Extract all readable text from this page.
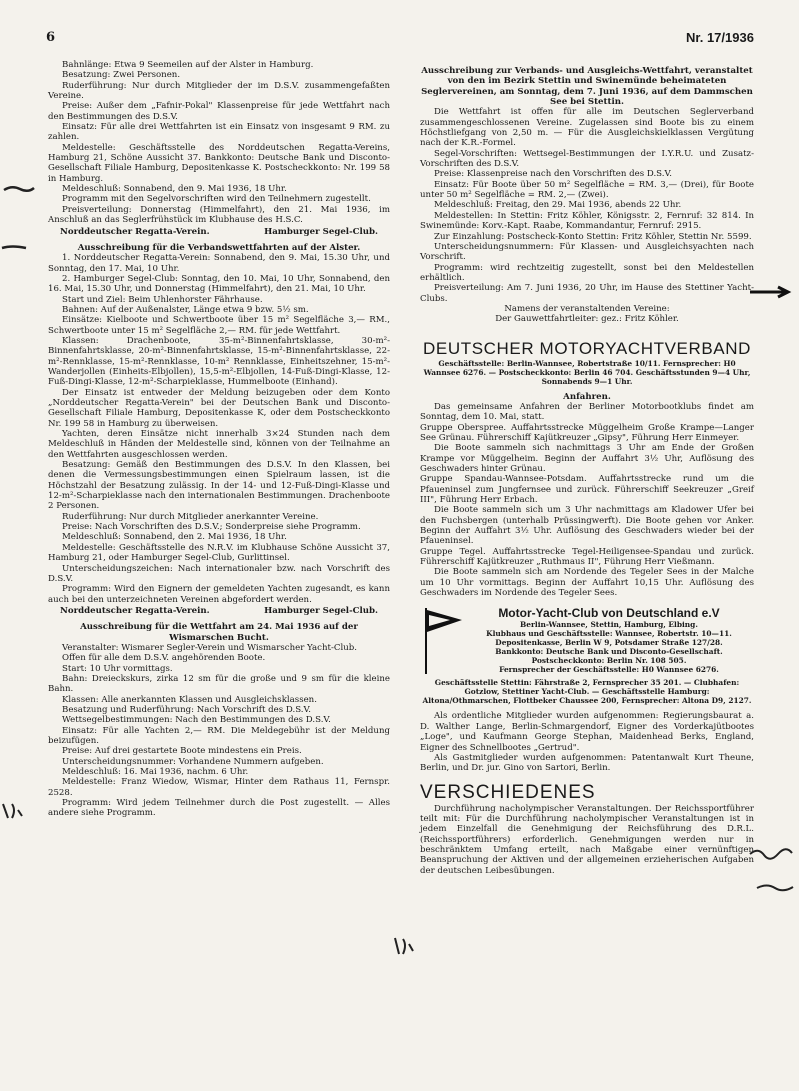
6	Nr. 17/1936

Bahnlänge: Etwa 9 Seemeilen auf der Alster in Hamburg.

Besatzung: Zwei Personen.

Ruderführung: Nur durch Mitglieder der im D.S.V. zusammengefaßten Vereine.

Preise: Außer dem „Fafnir-Pokal" Klassenpreise für jede Wettfahrt nach den Bestimmungen des D.S.V.

Einsatz: Für alle drei Wettfahrten ist ein Einsatz von insgesamt 9 RM. zu zahlen.

Meldestelle: Geschäftsstelle des Norddeutschen Regatta-Vereins, Hamburg 21, Schöne Aussicht 37. Bankkonto: Deutsche Bank und Disconto-Gesellschaft Filiale Hamburg, Depositenkasse K. Postscheckkonto: Nr. 199 58 in Hamburg.

Meldeschluß: Sonnabend, den 9. Mai 1936, 18 Uhr.

Programm mit den Segelvorschriften wird den Teilnehmern zugestellt.

Preisverteilung: Donnerstag (Himmelfahrt), den 21. Mai 1936, im Anschluß an das Seglerfrühstück im Klubhause des H.S.C.

Norddeutscher Regatta-Verein.	Hamburger Segel-Club.

Ausschreibung für die Verbandswettfahrten auf der Alster.

1. Norddeutscher Regatta-Verein: Sonnabend, den 9. Mai, 15.30 Uhr, und Sonntag, den 17. Mai, 10 Uhr.

2. Hamburger Segel-Club: Sonntag, den 10. Mai, 10 Uhr, Sonnabend, den 16. Mai, 15.30 Uhr, und Donnerstag (Himmelfahrt), den 21. Mai, 10 Uhr.

Start und Ziel: Beim Uhlenhorster Fährhause.

Bahnen: Auf der Außenalster, Länge etwa 9 bzw. 5½ sm.

Einsätze: Kielboote und Schwertboote über 15 m² Segelfläche 3,— RM., Schwertboote unter 15 m² Segelfläche 2,— RM. für jede Wettfahrt.

Klassen: Drachenboote, 35-m²-Binnenfahrtsklasse, 30-m²-Binnenfahrtsklasse, 20-m²-Binnenfahrtsklasse, 15-m²-Binnenfahrtsklasse, 22-m²-Rennklasse, 15-m²-Rennklasse, 10-m² Rennklasse, Einheitszehner, 15-m²-Wanderjollen (Einheits-Elbjollen), 15,5-m²-Elbjollen, 14-Fuß-Dingi-Klasse, 12-Fuß-Dingi-Klasse, 12-m²-Scharpieklasse, Hummelboote (Einhand).

Der Einsatz ist entweder der Meldung beizugeben oder dem Konto „Norddeutscher Regatta-Verein" bei der Deutschen Bank und Disconto-Gesellschaft Filiale Hamburg, Depositenkasse K, oder dem Postscheckkonto Nr. 199 58 in Hamburg zu überweisen.

Yachten, deren Einsätze nicht innerhalb 3×24 Stunden nach dem Meldeschluß in Händen der Meldestelle sind, können von der Teilnahme an den Wettfahrten ausgeschlossen werden.

Besatzung: Gemäß den Bestimmungen des D.S.V. In den Klassen, bei denen die Vermessungsbestimmungen einen Spielraum lassen, ist die Höchstzahl der Besatzung zulässig. In der 14- und 12-Fuß-Dingi-Klasse und 12-m²-Scharpieklasse nach den internationalen Bestimmungen. Drachenboote 2 Personen.

Ruderführung: Nur durch Mitglieder anerkannter Vereine.

Preise: Nach Vorschriften des D.S.V.; Sonderpreise siehe Programm.

Meldeschluß: Sonnabend, den 2. Mai 1936, 18 Uhr.

Meldestelle: Geschäftsstelle des N.R.V. im Klubhause Schöne Aussicht 37, Hamburg 21, oder Hamburger Segel-Club, Gurlittinsel.

Unterscheidungszeichen: Nach internationaler bzw. nach Vorschrift des D.S.V.

Programm: Wird den Eignern der gemeldeten Yachten zugesandt, es kann auch bei den unterzeichneten Vereinen abgefordert werden.

Norddeutscher Regatta-Verein.	Hamburger Segel-Club.

Ausschreibung für die Wettfahrt am 24. Mai 1936 auf der Wismarschen Bucht.

Veranstalter: Wismarer Segler-Verein und Wismarscher Yacht-Club.

Offen für alle dem D.S.V. angehörenden Boote.

Start: 10 Uhr vormittags.

Bahn: Dreieckskurs, zirka 12 sm für die große und 9 sm für die kleine Bahn.

Klassen: Alle anerkannten Klassen und Ausgleichsklassen.

Besatzung und Ruderführung: Nach Vorschrift des D.S.V.

Wettsegelbestimmungen: Nach den Bestimmungen des D.S.V.

Einsatz: Für alle Yachten 2,— RM. Die Meldegebühr ist der Meldung beizufügen.

Preise: Auf drei gestartete Boote mindestens ein Preis.

Unterscheidungsnummer: Vorhandene Nummern aufgeben.

Meldeschluß: 16. Mai 1936, nachm. 6 Uhr.

Meldestelle: Franz Wiedow, Wismar, Hinter dem Rathaus 11, Fernspr. 2528.

Programm: Wird jedem Teilnehmer durch die Post zugestellt. — Alles andere siehe Programm.

Ausschreibung zur Verbands- und Ausgleichs-Wettfahrt, veranstaltet von den im Bezirk Stettin und Swinemünde beheimateten Seglervereinen, am Sonntag, dem 7. Juni 1936, auf dem Dammschen See bei Stettin.

Die Wettfahrt ist offen für alle im Deutschen Seglerverband zusammengeschlossenen Vereine. Zugelassen sind Boote bis zu einem Höchstliefgang von 2,50 m. — Für die Ausgleichskielklassen Vergütung nach der K.R.-Formel.

Segel-Vorschriften: Wettsegel-Bestimmungen der I.Y.R.U. und Zusatz-Vorschriften des D.S.V.

Preise: Klassenpreise nach den Vorschriften des D.S.V.

Einsatz: Für Boote über 50 m² Segelfläche = RM. 3,— (Drei), für Boote unter 50 m² Segelfläche = RM. 2,— (Zwei).

Meldeschluß: Freitag, den 29. Mai 1936, abends 22 Uhr.

Meldestellen: In Stettin: Fritz Köhler, Königsstr. 2, Fernruf: 32 814. In Swinemünde: Korv.-Kapt. Raabe, Kommandantur, Fernruf: 2915.

Zur Einzahlung: Postscheck-Konto Stettin: Fritz Köhler, Stettin Nr. 5599.

Unterscheidungsnummern: Für Klassen- und Ausgleichsyachten nach Vorschrift.

Programm: wird rechtzeitig zugestellt, sonst bei den Meldestellen erhältlich.

Preisverteilung: Am 7. Juni 1936, 20 Uhr, im Hause des Stettiner Yacht-Clubs.

Namens der veranstaltenden Vereine:

Der Gauwettfahrtleiter: gez.: Fritz Köhler.

DEUTSCHER MOTORYACHTVERBAND

Geschäftsstelle: Berlin-Wannsee, Robertstraße 10/11. Fernsprecher: H0 Wannsee 6276. — Postscheckkonto: Berlin 46 704. Geschäftsstunden 9—4 Uhr, Sonnabends 9—1 Uhr.

Anfahren.

Das gemeinsame Anfahren der Berliner Motorbootklubs findet am Sonntag, dem 10. Mai, statt.

Gruppe Oberspree. Auffahrtsstrecke Müggelheim Große Krampe—Langer See Grünau. Führerschiff Kajütkreuzer „Gipsy", Führung Herr Einmeyer.

Die Boote sammeln sich nachmittags 3 Uhr am Ende der Großen Krampe vor Müggelheim. Beginn der Auffahrt 3½ Uhr, Auflösung des Geschwaders hinter Grünau.

Gruppe Spandau-Wannsee-Potsdam. Auffahrtsstrecke rund um die Pfaueninsel zum Jungfernsee und zurück. Führerschiff Seekreuzer „Greif III", Führung Herr Erbach.

Die Boote sammeln sich um 3 Uhr nachmittags am Kladower Ufer bei den Fuchsbergen (unterhalb Prüssingwerft). Die Boote gehen vor Anker. Beginn der Auffahrt 3½ Uhr. Auflösung des Geschwaders wieder bei der Pfaueninsel.

Gruppe Tegel. Auffahrtsstrecke Tegel-Heiligensee-Spandau und zurück. Führerschiff Kajütkreuzer „Ruthmaus II", Führung Herr Vießmann.

Die Boote sammeln sich am Nordende des Tegeler Sees in der Malche um 10 Uhr vormittags. Beginn der Auffahrt 10,15 Uhr. Auflösung des Geschwaders im Nordende des Tegeler Sees.

Motor-Yacht-Club von Deutschland e.V
Berlin-Wannsee, Stettin, Hamburg, Elbing.
Klubhaus und Geschäftsstelle: Wannsee, Robertstr. 10—11.
Depositenkasse, Berlin W 9, Potsdamer Straße 127/28.
Bankkonto: Deutsche Bank und Disconto-Gesellschaft.
Postscheckkonto: Berlin Nr. 108 505.
Fernsprecher der Geschäftsstelle: H0 Wannsee 6276.

Geschäftsstelle Stettin: Fährstraße 2, Fernsprecher 35 201. — Clubhafen: Gotzlow, Stettiner Yacht-Club. — Geschäftsstelle Hamburg: Altona/Othmarschen, Flottbeker Chaussee 200, Fernsprecher: Altona D9, 2127.

Als ordentliche Mitglieder wurden aufgenommen: Regierungsbaurat a. D. Walther Lange, Berlin-Schmargendorf, Eigner des Vorderkajütbootes „Loge", und Kaufmann George Stephan, Maidenhead Berks, England, Eigner des Schnellbootes „Gertrud".

Als Gastmitglieder wurden aufgenommen: Patentanwalt Kurt Theune, Berlin, und Dr. jur. Gino von Sartori, Berlin.

VERSCHIEDENES

Durchführung nacholympischer Veranstaltungen. Der Reichssportführer teilt mit: Für die Durchführung nacholympischer Veranstaltungen ist in jedem Einzelfall die Genehmigung der Reichsführung des D.R.L. (Reichssportführers) erforderlich. Genehmigungen werden nur in beschränktem Umfang erteilt, nach Maßgabe einer vernünftigen Beanspruchung der Aktiven und der allgemeinen erzieherischen Aufgaben der deutschen Leibesübungen.
